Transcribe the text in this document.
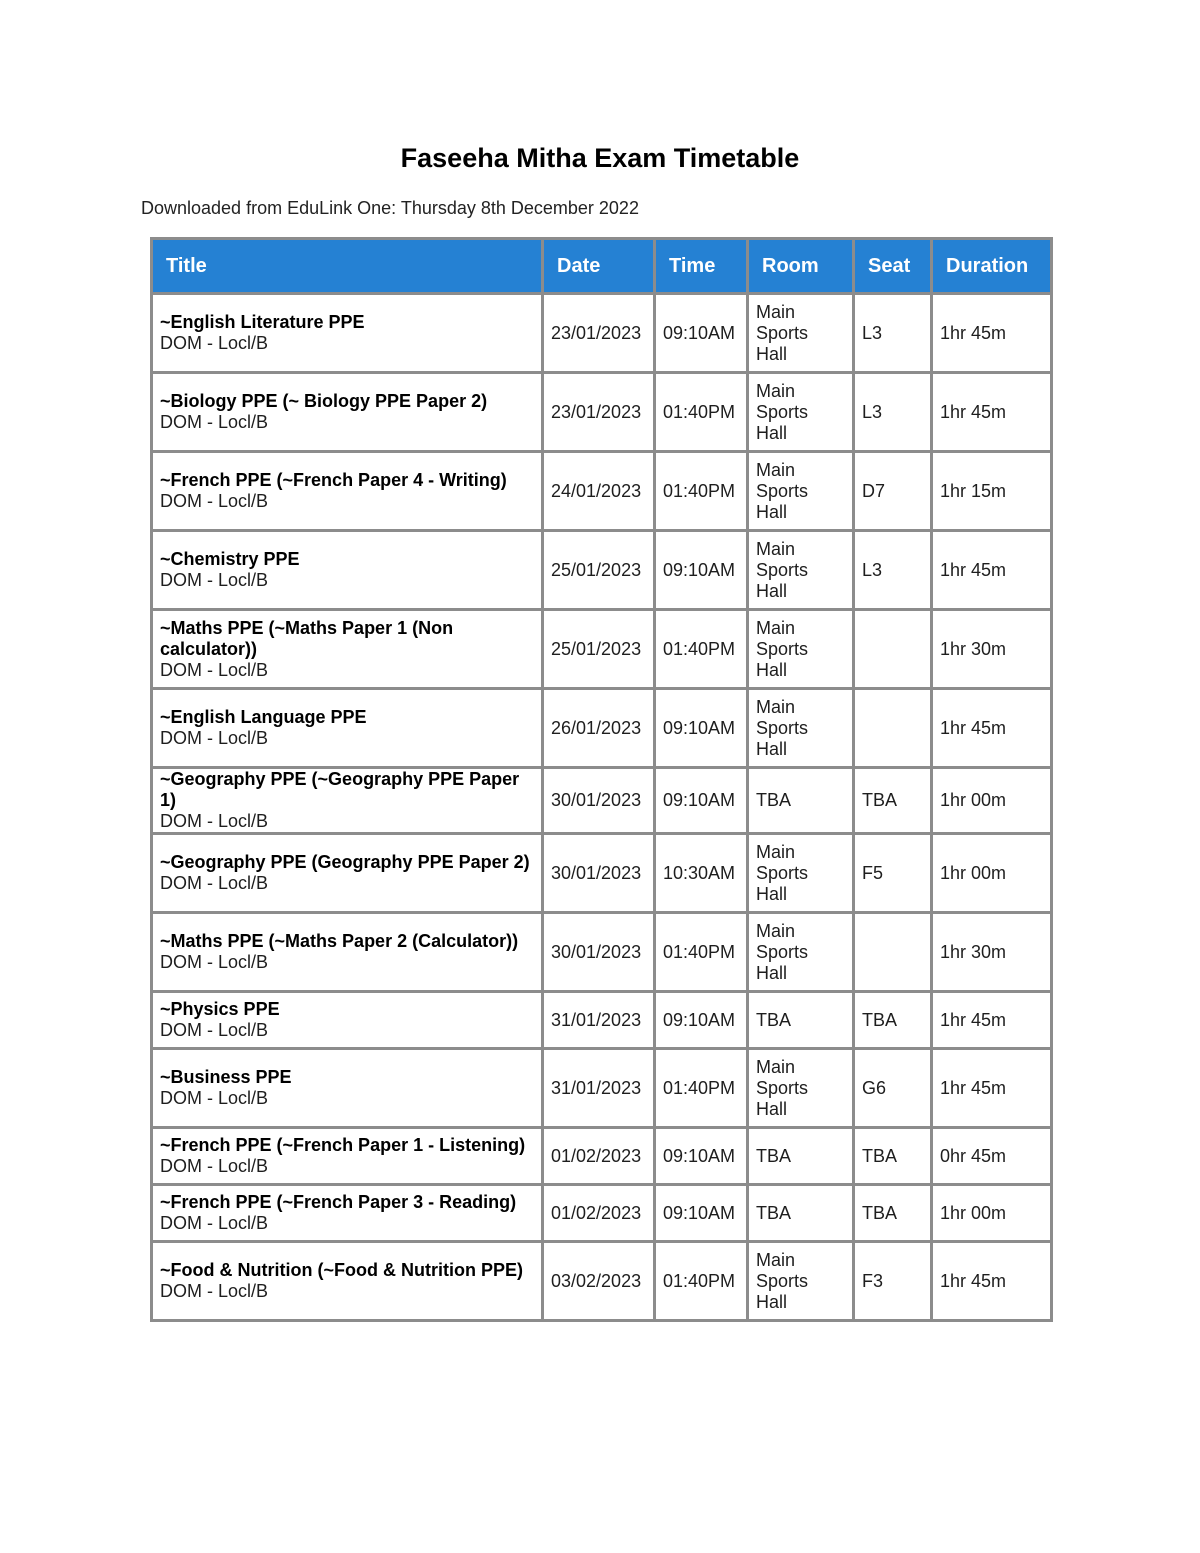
Faseeha Mitha Exam Timetable

Downloaded from EduLink One: Thursday 8th December 2022

Title	Date	Time	Room	Seat	Duration

~English Literature PPE
DOM - Locl/B	23/01/2023	09:10AM	Main
Sports
Hall	L3	1hr 45m

~Biology PPE (~ Biology PPE Paper 2)
DOM - Locl/B	23/01/2023	01:40PM	Main
Sports
Hall	L3	1hr 45m

~French PPE (~French Paper 4 - Writing)
DOM - Locl/B	24/01/2023	01:40PM	Main
Sports
Hall	D7	1hr 15m

~Chemistry PPE
DOM - Locl/B	25/01/2023	09:10AM	Main
Sports
Hall	L3	1hr 45m

~Maths PPE (~Maths Paper 1 (Non calculator))
DOM - Locl/B	25/01/2023	01:40PM	Main
Sports
Hall		1hr 30m

~English Language PPE
DOM - Locl/B	26/01/2023	09:10AM	Main
Sports
Hall		1hr 45m

~Geography PPE (~Geography PPE Paper 1)
DOM - Locl/B	30/01/2023	09:10AM	TBA	TBA	1hr 00m

~Geography PPE (Geography PPE Paper 2)
DOM - Locl/B	30/01/2023	10:30AM	Main
Sports
Hall	F5	1hr 00m

~Maths PPE (~Maths Paper 2 (Calculator))
DOM - Locl/B	30/01/2023	01:40PM	Main
Sports
Hall		1hr 30m

~Physics PPE
DOM - Locl/B	31/01/2023	09:10AM	TBA	TBA	1hr 45m

~Business PPE
DOM - Locl/B	31/01/2023	01:40PM	Main
Sports
Hall	G6	1hr 45m

~French PPE (~French Paper 1 - Listening)
DOM - Locl/B	01/02/2023	09:10AM	TBA	TBA	0hr 45m

~French PPE (~French Paper 3 - Reading)
DOM - Locl/B	01/02/2023	09:10AM	TBA	TBA	1hr 00m

~Food & Nutrition (~Food & Nutrition PPE)
DOM - Locl/B	03/02/2023	01:40PM	Main
Sports
Hall	F3	1hr 45m
